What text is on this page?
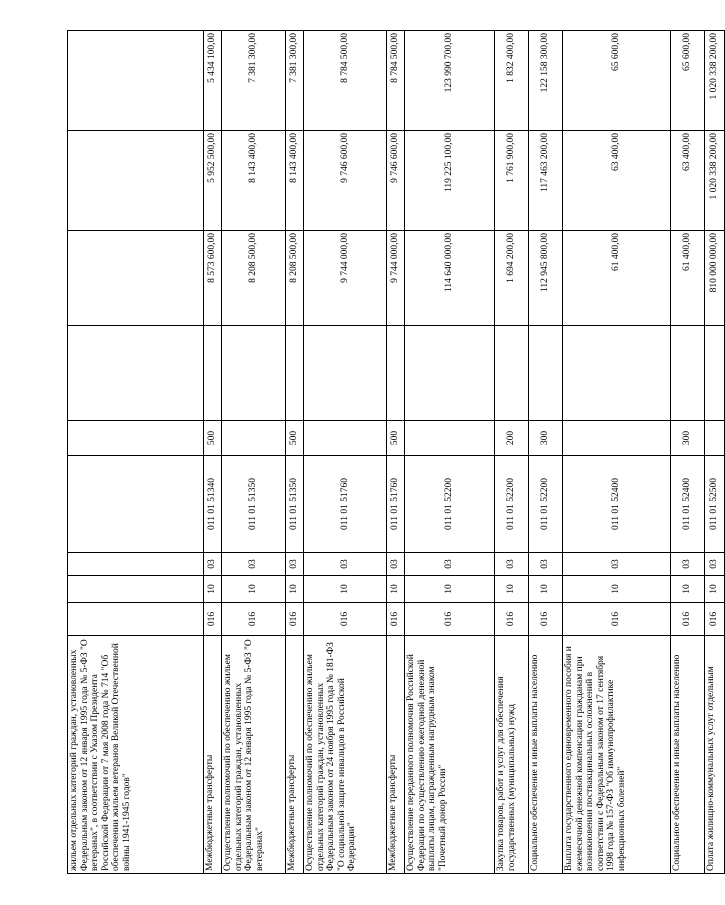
жильем отдельных категорий граждан, установленных Федеральным законом от 12 января 1995 года № 5-ФЗ "О ветеранах", в соответствии с Указом Президента Российской Федерации от 7 мая 2008 года № 714 "Об обеспечении жильем ветеранов Великой Отечественной войны 1941-1945 годов"									
Межбюджетные трансферты	016	10	03	011 01 51340	500		8 573 600,00	5 952 500,00	5 434 100,00
Осуществление полномочий по обеспечению жильем отдельных категорий граждан, установленных Федеральным законом от 12 января 1995 года № 5-ФЗ "О ветеранах"	016	10	03	011 01 51350			8 208 500,00	8 143 400,00	7 381 300,00
Межбюджетные трансферты	016	10	03	011 01 51350	500		8 208 500,00	8 143 400,00	7 381 300,00
Осуществление полномочий по обеспечению жильем отдельных категорий граждан, установленных Федеральным законом от 24 ноября 1995 года № 181-ФЗ "О социальной защите инвалидов в Российской Федерации"	016	10	03	011 01 51760			9 744 000,00	9 746 600,00	8 784 500,00
Межбюджетные трансферты	016	10	03	011 01 51760	500		9 744 000,00	9 746 600,00	8 784 500,00
Осуществление переданного полномочия Российской Федерации по осуществлению ежегодной денежной выплаты лицам, награжденным нагрудным знаком "Почетный донор России"	016	10	03	011 01 52200			114 640 000,00	119 225 100,00	123 990 700,00
Закупка товаров, работ и услуг для обеспечения государственных (муниципальных) нужд	016	10	03	011 01 52200	200		1 694 200,00	1 761 900,00	1 832 400,00
Социальное обеспечение и иные выплаты населению	016	10	03	011 01 52200	300		112 945 800,00	117 463 200,00	122 158 300,00
Выплата государственного единовременного пособия и ежемесячной денежной компенсации гражданам при возникновении поствакцинальных осложнений в соответствии с Федеральным законом от 17 сентября 1998 года № 157-ФЗ "Об иммунопрофилактике инфекционных болезней"	016	10	03	011 01 52400			61 400,00	63 400,00	65 600,00
Социальное обеспечение и иные выплаты населению	016	10	03	011 01 52400	300		61 400,00	63 400,00	65 600,00
Оплата жилищно-коммунальных услуг отдельным	016	10	03	011 01 52500			810 000 000,00	1 020 338 200,00	1 020 338 200,00
